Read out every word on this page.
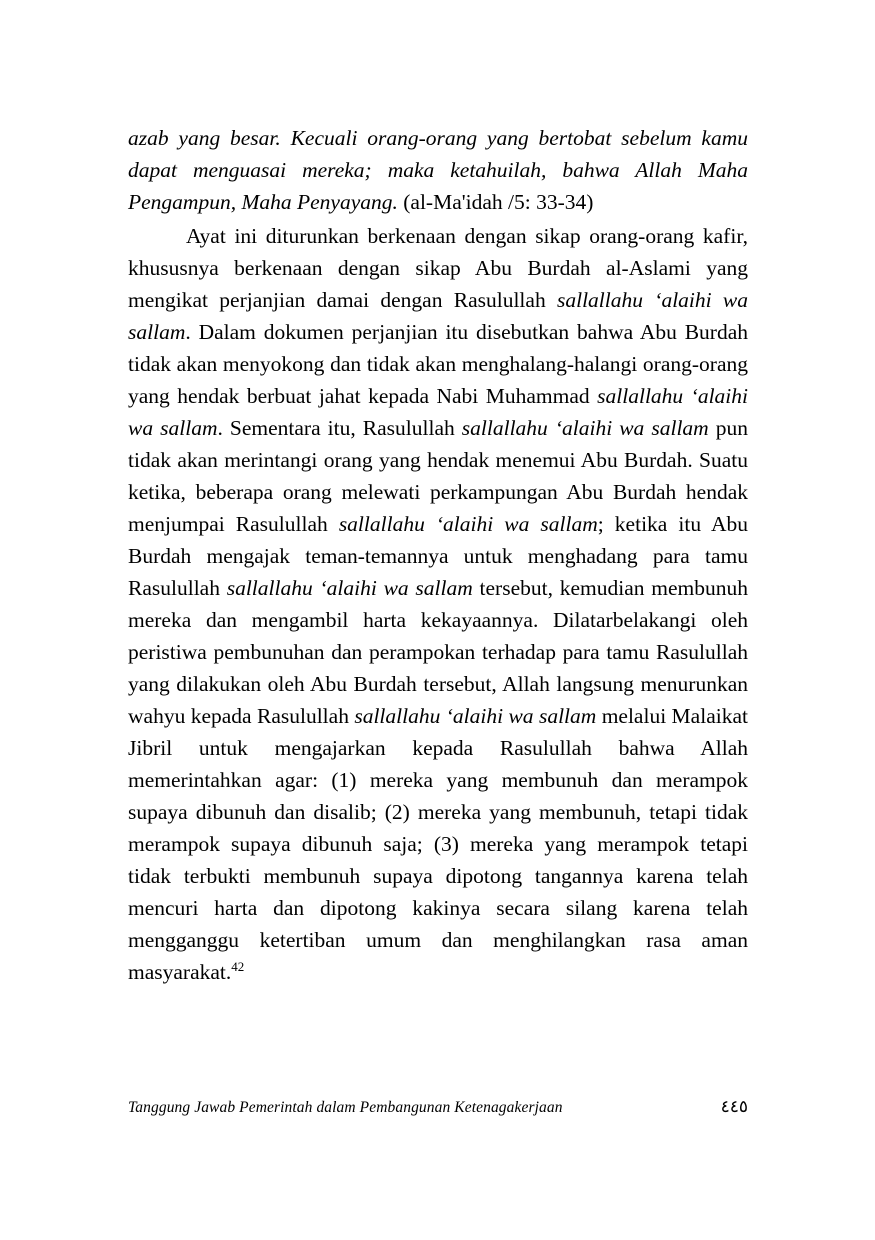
azab yang besar. Kecuali orang-orang yang bertobat sebelum kamu dapat menguasai mereka; maka ketahuilah, bahwa Allah Maha Pengampun, Maha Penyayang. (al-Ma'idah /5: 33-34)

Ayat ini diturunkan berkenaan dengan sikap orang-orang kafir, khususnya berkenaan dengan sikap Abu Burdah al-Aslami yang mengikat perjanjian damai dengan Rasulullah sallallahu ‘alaihi wa sallam. Dalam dokumen perjanjian itu disebutkan bahwa Abu Burdah tidak akan menyokong dan tidak akan menghalang-halangi orang-orang yang hendak berbuat jahat kepada Nabi Muhammad sallallahu ‘alaihi wa sallam. Sementara itu, Rasulullah sallallahu ‘alaihi wa sallam pun tidak akan merintangi orang yang hendak menemui Abu Burdah. Suatu ketika, beberapa orang melewati perkampungan Abu Burdah hendak menjumpai Rasulullah sallallahu ‘alaihi wa sallam; ketika itu Abu Burdah mengajak teman-temannya untuk menghadang para tamu Rasulullah sallallahu ‘alaihi wa sallam tersebut, kemudian membunuh mereka dan mengambil harta kekayaannya. Dilatarbelakangi oleh peristiwa pembunuhan dan perampokan terhadap para tamu Rasulullah yang dilakukan oleh Abu Burdah tersebut, Allah langsung menurunkan wahyu kepada Rasulullah sallallahu ‘alaihi wa sallam melalui Malaikat Jibril untuk mengajarkan kepada Rasulullah bahwa Allah memerintahkan agar: (1) mereka yang membunuh dan merampok supaya dibunuh dan disalib; (2) mereka yang membunuh, tetapi tidak merampok supaya dibunuh saja; (3) mereka yang merampok tetapi tidak terbukti membunuh supaya dipotong tangannya karena telah mencuri harta dan dipotong kakinya secara silang karena telah mengganggu ketertiban umum dan menghilangkan rasa aman masyarakat.$^{42}$

Tanggung Jawab Pemerintah dalam Pembangunan Ketenagakerjaan	٤٤٥
